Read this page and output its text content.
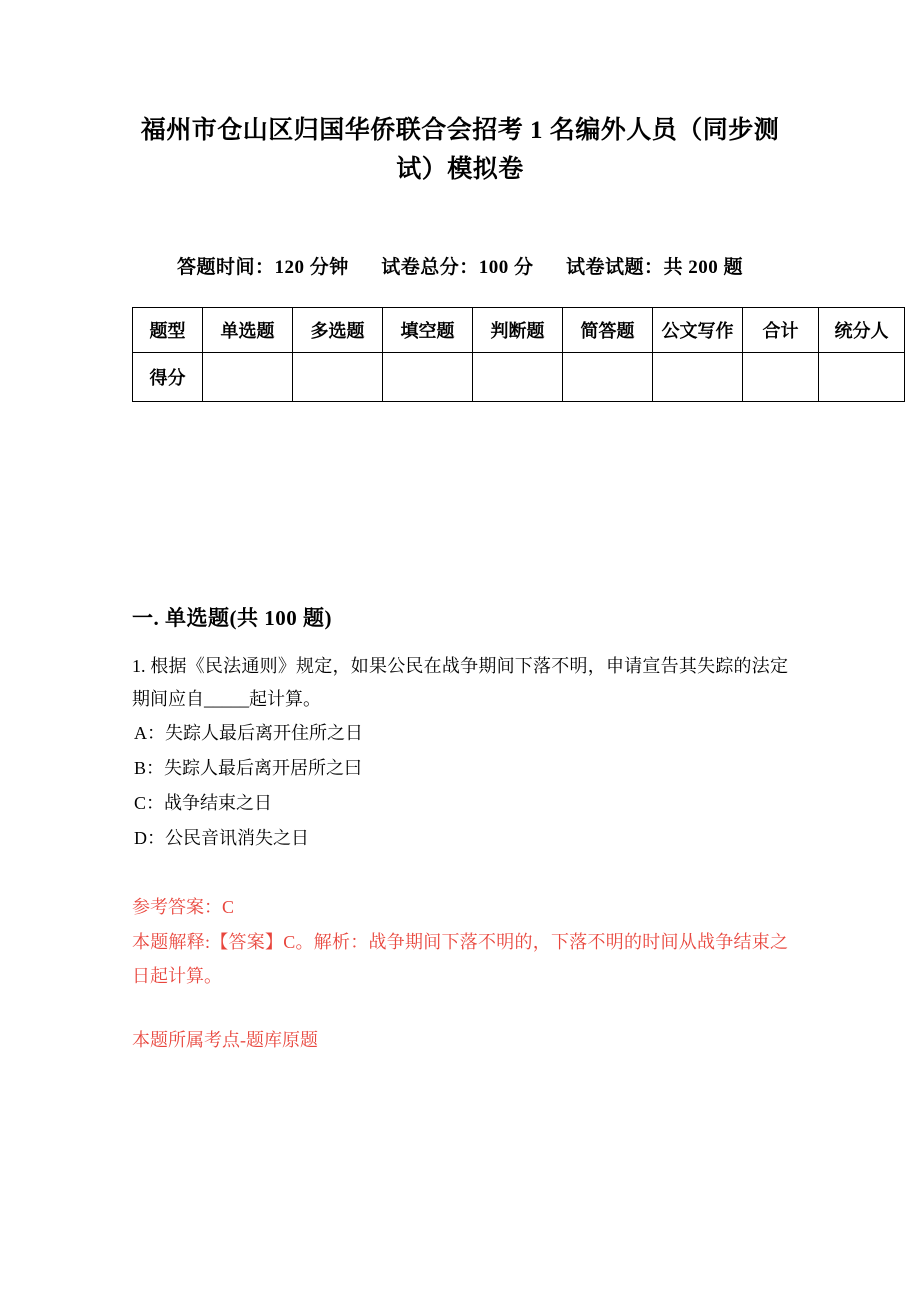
福州市仓山区归国华侨联合会招考 1 名编外人员（同步测试）模拟卷
答题时间：120 分钟 试卷总分：100 分 试卷试题：共 200 题
题型	单选题	多选题	填空题	判断题	简答题	公文写作	合计	统分人
得分								
一. 单选题(共 100 题)
1. 根据《民法通则》规定，如果公民在战争期间下落不明，申请宣告其失踪的法定期间应自_____起计算。
A：失踪人最后离开住所之日
B：失踪人最后离开居所之曰
C：战争结束之日
D：公民音讯消失之日
参考答案：C
本题解释:【答案】C。解析：战争期间下落不明的，下落不明的时间从战争结束之日起计算。
本题所属考点-题库原题
